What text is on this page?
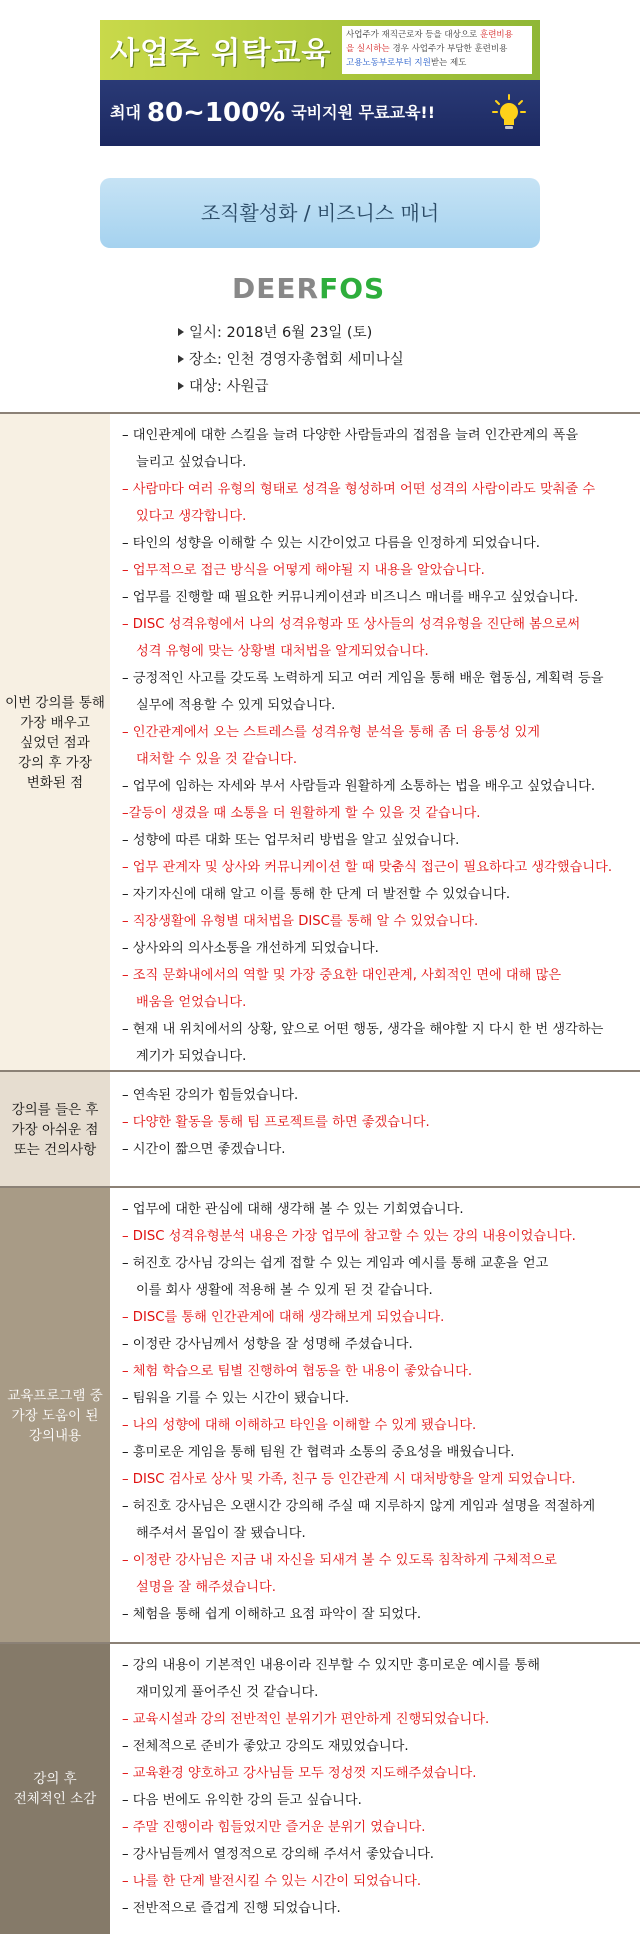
사업주 위탁교육
사업주가 재직근로자 등을 대상으로 훈련비용
을 실시하는 경우 사업주가 부담한 훈련비용
고용노동부로부터 지원받는 제도
최대 80~100% 국비지원 무료교육!!
조직활성화 / 비즈니스 매너
DEERFOS
일시: 2018년 6월 23일 (토)
장소: 인천 경영자총협회 세미나실
대상: 사원급
이번 강의를 통해
가장 배우고
싶었던 점과
강의 후 가장
변화된 점
– 대인관계에 대한 스킬을 늘려 다양한 사람들과의 접점을 늘려 인간관계의 폭을
늘리고 싶었습니다.
– 사람마다 여러 유형의 형태로 성격을 형성하며 어떤 성격의 사람이라도 맞춰줄 수
있다고 생각합니다.
– 타인의 성향을 이해할 수 있는 시간이었고 다름을 인정하게 되었습니다.
– 업무적으로 접근 방식을 어떻게 해야될 지 내용을 알았습니다.
– 업무를 진행할 때 필요한 커뮤니케이션과 비즈니스 매너를 배우고 싶었습니다.
– DISC 성격유형에서 나의 성격유형과 또 상사들의 성격유형을 진단해 봄으로써
성격 유형에 맞는 상황별 대처법을 알게되었습니다.
– 긍정적인 사고를 갖도록 노력하게 되고 여러 게임을 통해 배운 협동심, 계획력 등을
실무에 적용할 수 있게 되었습니다.
– 인간관계에서 오는 스트레스를 성격유형 분석을 통해 좀 더 융통성 있게
대처할 수 있을 것 같습니다.
– 업무에 임하는 자세와 부서 사람들과 원활하게 소통하는 법을 배우고 싶었습니다.
–갈등이 생겼을 때 소통을 더 원활하게 할 수 있을 것 같습니다.
– 성향에 따른 대화 또는 업무처리 방법을 알고 싶었습니다.
– 업무 관계자 및 상사와 커뮤니케이션 할 때 맞춤식 접근이 필요하다고 생각했습니다.
– 자기자신에 대해 알고 이를 통해 한 단계 더 발전할 수 있었습니다.
– 직장생활에 유형별 대처법을 DISC를 통해 알 수 있었습니다.
– 상사와의 의사소통을 개선하게 되었습니다.
– 조직 문화내에서의 역할 및 가장 중요한 대인관계, 사회적인 면에 대해 많은
배움을 얻었습니다.
– 현재 내 위치에서의 상황, 앞으로 어떤 행동, 생각을 해야할 지 다시 한 번 생각하는
계기가 되었습니다.
강의를 들은 후
가장 아쉬운 점
또는 건의사항
– 연속된 강의가 힘들었습니다.
– 다양한 활동을 통해 팀 프로젝트를 하면 좋겠습니다.
– 시간이 짧으면 좋겠습니다.
교육프로그램 중
가장 도움이 된
강의내용
– 업무에 대한 관심에 대해 생각해 볼 수 있는 기회였습니다.
– DISC 성격유형분석 내용은 가장 업무에 참고할 수 있는 강의 내용이었습니다.
– 허진호 강사님 강의는 쉽게 접할 수 있는 게임과 예시를 통해 교훈을 얻고
이를 회사 생활에 적용해 볼 수 있게 된 것 같습니다.
– DISC를 통해 인간관계에 대해 생각해보게 되었습니다.
– 이정란 강사님께서 성향을 잘 성명해 주셨습니다.
– 체험 학습으로 팀별 진행하여 협동을 한 내용이 좋았습니다.
– 팀워을 기를 수 있는 시간이 됐습니다.
– 나의 성향에 대해 이해하고 타인을 이해할 수 있게 됐습니다.
– 흥미로운 게임을 통해 팀원 간 협력과 소통의 중요성을 배웠습니다.
– DISC 검사로 상사 및 가족, 친구 등 인간관계 시 대처방향을 알게 되었습니다.
– 허진호 강사님은 오랜시간 강의해 주실 때 지루하지 않게 게임과 설명을 적절하게
해주셔서 몰입이 잘 됐습니다.
– 이정란 강사님은 지금 내 자신을 되새겨 볼 수 있도록 침착하게 구체적으로
설명을 잘 해주셨습니다.
– 체험을 통해 쉽게 이해하고 요점 파악이 잘 되었다.
강의 후
전체적인 소감
– 강의 내용이 기본적인 내용이라 진부할 수 있지만 흥미로운 예시를 통해
재미있게 풀어주신 것 같습니다.
– 교육시설과 강의 전반적인 분위기가 편안하게 진행되었습니다.
– 전체적으로 준비가 좋았고 강의도 재밌었습니다.
– 교육환경 양호하고 강사님들 모두 정성껏 지도해주셨습니다.
– 다음 번에도 유익한 강의 듣고 싶습니다.
– 주말 진행이라 힘들었지만 즐거운 분위기 였습니다.
– 강사님들께서 열정적으로 강의해 주셔서 좋았습니다.
– 나를 한 단계 발전시킬 수 있는 시간이 되었습니다.
– 전반적으로 즐겁게 진행 되었습니다.
